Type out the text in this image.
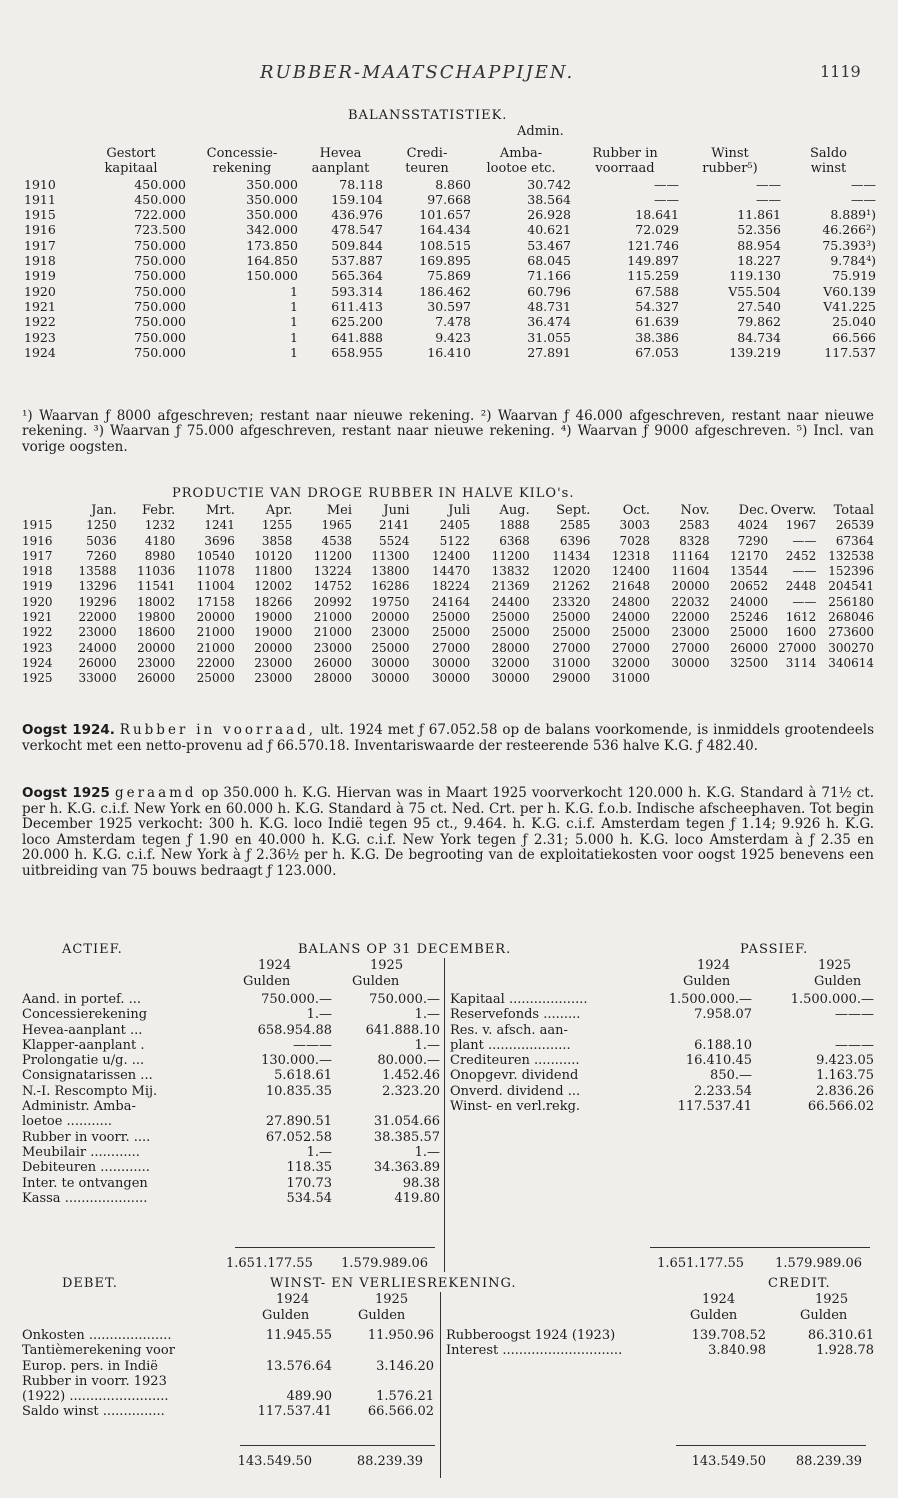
RUBBER-MAATSCHAPPIJEN.	1119
BALANSSTATISTIEK.
Admin.
	Gestort	Concessie-	Hevea	Credi-	Amba-	Rubber in	Winst	Saldo
	kapitaal	rekening	aanplant	teuren	lootoe etc.	voorraad	rubber⁵)	winst
1910	450.000	350.000	78.118	8.860	30.742	——	——	——
1911	450.000	350.000	159.104	97.668	38.564	——	——	——
1915	722.000	350.000	436.976	101.657	26.928	18.641	11.861	8.889¹)
1916	723.500	342.000	478.547	164.434	40.621	72.029	52.356	46.266²)
1917	750.000	173.850	509.844	108.515	53.467	121.746	88.954	75.393³)
1918	750.000	164.850	537.887	169.895	68.045	149.897	18.227	9.784⁴)
1919	750.000	150.000	565.364	75.869	71.166	115.259	119.130	75.919
1920	750.000	1	593.314	186.462	60.796	67.588	V55.504	V60.139
1921	750.000	1	611.413	30.597	48.731	54.327	27.540	V41.225
1922	750.000	1	625.200	7.478	36.474	61.639	79.862	25.040
1923	750.000	1	641.888	9.423	31.055	38.386	84.734	66.566
1924	750.000	1	658.955	16.410	27.891	67.053	139.219	117.537
¹) Waarvan ƒ 8000 afgeschreven; restant naar nieuwe rekening. ²) Waarvan ƒ 46.000 afgeschreven, restant naar nieuwe rekening. ³) Waarvan ƒ 75.000 afgeschreven, restant naar nieuwe rekening. ⁴) Waarvan ƒ 9000 afgeschreven. ⁵) Incl. van vorige oogsten.
PRODUCTIE VAN DROGE RUBBER IN HALVE KILO's.
	Jan.	Febr.	Mrt.	Apr.	Mei	Juni	Juli	Aug.	Sept.	Oct.	Nov.	Dec.	Overw.	Totaal
1915	1250	1232	1241	1255	1965	2141	2405	1888	2585	3003	2583	4024	1967	26539
1916	5036	4180	3696	3858	4538	5524	5122	6368	6396	7028	8328	7290	——	67364
1917	7260	8980	10540	10120	11200	11300	12400	11200	11434	12318	11164	12170	2452	132538
1918	13588	11036	11078	11800	13224	13800	14470	13832	12020	12400	11604	13544	——	152396
1919	13296	11541	11004	12002	14752	16286	18224	21369	21262	21648	20000	20652	2448	204541
1920	19296	18002	17158	18266	20992	19750	24164	24400	23320	24800	22032	24000	——	256180
1921	22000	19800	20000	19000	21000	20000	25000	25000	25000	24000	22000	25246	1612	268046
1922	23000	18600	21000	19000	21000	23000	25000	25000	25000	25000	23000	25000	1600	273600
1923	24000	20000	21000	20000	23000	25000	27000	28000	27000	27000	27000	26000	27000	300270
1924	26000	23000	22000	23000	26000	30000	30000	32000	31000	32000	30000	32500	3114	340614
1925	33000	26000	25000	23000	28000	30000	30000	30000	29000	31000				
Oogst 1924. Rubber in voorraad, ult. 1924 met ƒ 67.052.58 op de balans voorkomende, is inmiddels grootendeels verkocht met een netto-provenu ad ƒ 66.570.18. Inventariswaarde der resteerende 536 halve K.G. ƒ 482.40.
Oogst 1925 geraamd op 350.000 h. K.G. Hiervan was in Maart 1925 voorverkocht 120.000 h. K.G. Standard à 71½ ct. per h. K.G. c.i.f. New York en 60.000 h. K.G. Standard à 75 ct. Ned. Crt. per h. K.G. f.o.b. Indische afscheephaven. Tot begin December 1925 verkocht: 300 h. K.G. loco Indië tegen 95 ct., 9.464. h. K.G. c.i.f. Amsterdam tegen ƒ 1.14; 9.926 h. K.G. loco Amsterdam tegen ƒ 1.90 en 40.000 h. K.G. c.i.f. New York tegen ƒ 2.31; 5.000 h. K.G. loco Amsterdam à ƒ 2.35 en 20.000 h. K.G. c.i.f. New York à ƒ 2.36½ per h. K.G. De begrooting van de exploitatiekosten voor oogst 1925 benevens een uitbreiding van 75 bouws bedraagt ƒ 123.000.
ACTIEF.	BALANS OP 31 DECEMBER.	PASSIEF.
1924	1925
Gulden	Gulden
1924	1925
Gulden	Gulden
Aand. in portef. ...	750.000.—	750.000.—
Concessierekening	1.—	1.—
Hevea-aanplant ...	658.954.88	641.888.10
Klapper-aanplant .	———	1.—
Prolongatie u/g. ...	130.000.—	80.000.—
Consignatarissen ...	5.618.61	1.452.46
N.-I. Rescompto Mij.	10.835.35	2.323.20
Administr. Amba-		
loetoe ...........	27.890.51	31.054.66
Rubber in voorr. ....	67.052.58	38.385.57
Meubilair ............	1.—	1.—
Debiteuren ............	118.35	34.363.89
Inter. te ontvangen	170.73	98.38
Kassa ....................	534.54	419.80
1.651.177.55	1.579.989.06
Kapitaal ...................	1.500.000.—	1.500.000.—
Reservefonds .........	7.958.07	———
Res. v. afsch. aan-		
plant ....................	6.188.10	———
Crediteuren ...........	16.410.45	9.423.05
Onopgevr. dividend	850.—	1.163.75
Onverd. dividend ...	2.233.54	2.836.26
Winst- en verl.rekg.	117.537.41	66.566.02
1.651.177.55	1.579.989.06
DEBET.	WINST- EN VERLIESREKENING.	CREDIT.
1924	1925
Gulden	Gulden
1924	1925
Gulden	Gulden
Onkosten ....................	11.945.55	11.950.96
Tantièmerekening voor		
Europ. pers. in Indië	13.576.64	3.146.20
Rubber in voorr. 1923		
(1922) ........................	489.90	1.576.21
Saldo winst ...............	117.537.41	66.566.02
143.549.50	88.239.39
Rubberoogst 1924 (1923)	139.708.52	86.310.61
Interest .............................	3.840.98	1.928.78
143.549.50	88.239.39
